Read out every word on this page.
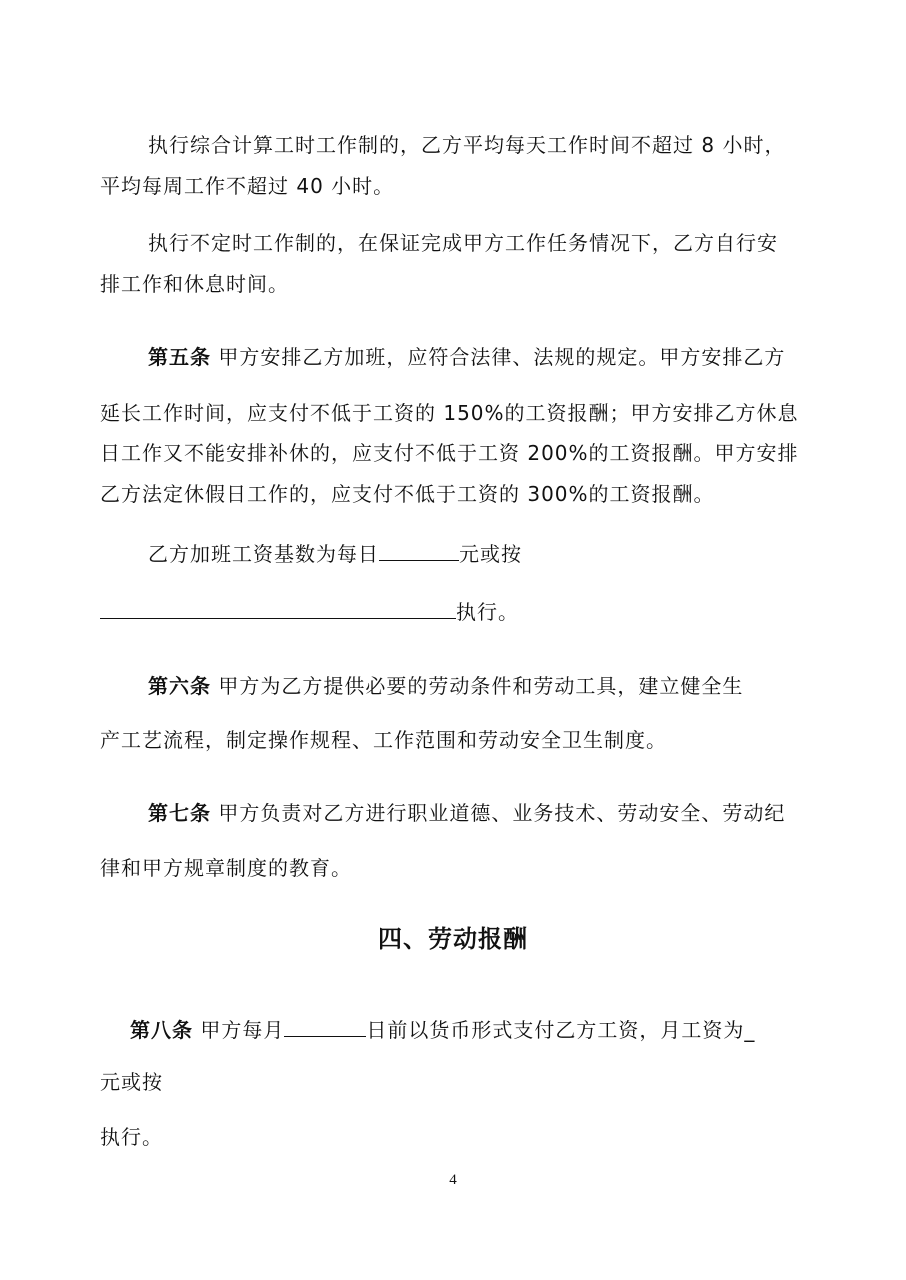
执行综合计算工时工作制的，乙方平均每天工作时间不超过 8 小时，
平均每周工作不超过 40 小时。
执行不定时工作制的，在保证完成甲方工作任务情况下，乙方自行安
排工作和休息时间。
第五条 甲方安排乙方加班，应符合法律、法规的规定。甲方安排乙方
延长工作时间，应支付不低于工资的 150%的工资报酬；甲方安排乙方休息
日工作又不能安排补休的，应支付不低于工资 200%的工资报酬。甲方安排
乙方法定休假日工作的，应支付不低于工资的 300%的工资报酬。
乙方加班工资基数为每日	元或按
执行。
第六条 甲方为乙方提供必要的劳动条件和劳动工具，建立健全生
产工艺流程，制定操作规程、工作范围和劳动安全卫生制度。
第七条 甲方负责对乙方进行职业道德、业务技术、劳动安全、劳动纪
律和甲方规章制度的教育。
四、劳动报酬
第八条 甲方每月	日前以货币形式支付乙方工资，月工资为_
元或按
执行。
4
